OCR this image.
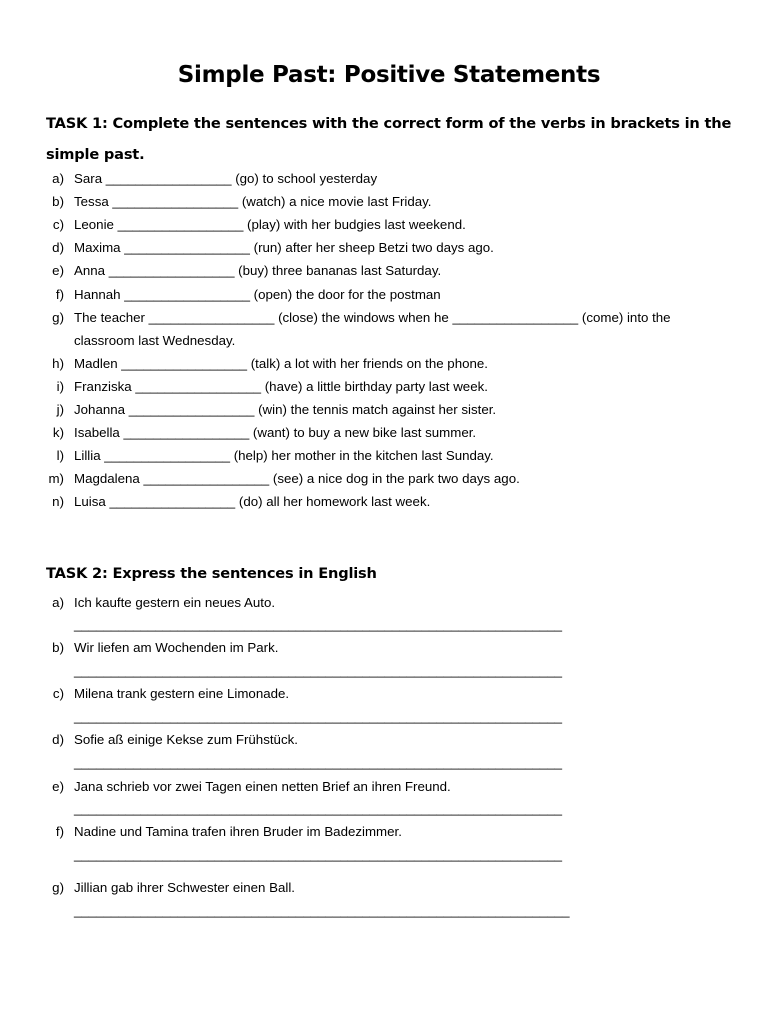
Simple Past: Positive Statements
TASK 1: Complete the sentences with the correct form of the verbs in brackets in the
simple past.
a) Sara _________________ (go) to school yesterday
b) Tessa _________________ (watch) a nice movie last Friday.
c) Leonie _________________ (play) with her budgies last weekend.
d) Maxima _________________ (run) after her sheep Betzi two days ago.
e) Anna _________________ (buy) three bananas last Saturday.
f) Hannah _________________ (open) the door for the postman
g) The teacher _________________ (close) the windows when he _________________ (come) into the
classroom last Wednesday.
h) Madlen _________________ (talk) a lot with her friends on the phone.
i) Franziska _________________ (have) a little birthday party last week.
j) Johanna _________________ (win) the tennis match against her sister.
k) Isabella _________________ (want) to buy a new bike last summer.
l) Lillia _________________ (help) her mother in the kitchen last Sunday.
m) Magdalena _________________ (see) a nice dog in the park two days ago.
n) Luisa _________________ (do) all her homework last week.
TASK 2: Express the sentences in English
a) Ich kaufte gestern ein neues Auto.
__________________________________________________________________
b) Wir liefen am Wochenden im Park.
__________________________________________________________________
c) Milena trank gestern eine Limonade.
__________________________________________________________________
d) Sofie aß einige Kekse zum Frühstück.
__________________________________________________________________
e) Jana schrieb vor zwei Tagen einen netten Brief an ihren Freund.
__________________________________________________________________
f) Nadine und Tamina trafen ihren Bruder im Badezimmer.
__________________________________________________________________
g) Jillian gab ihrer Schwester einen Ball.
___________________________________________________________________
